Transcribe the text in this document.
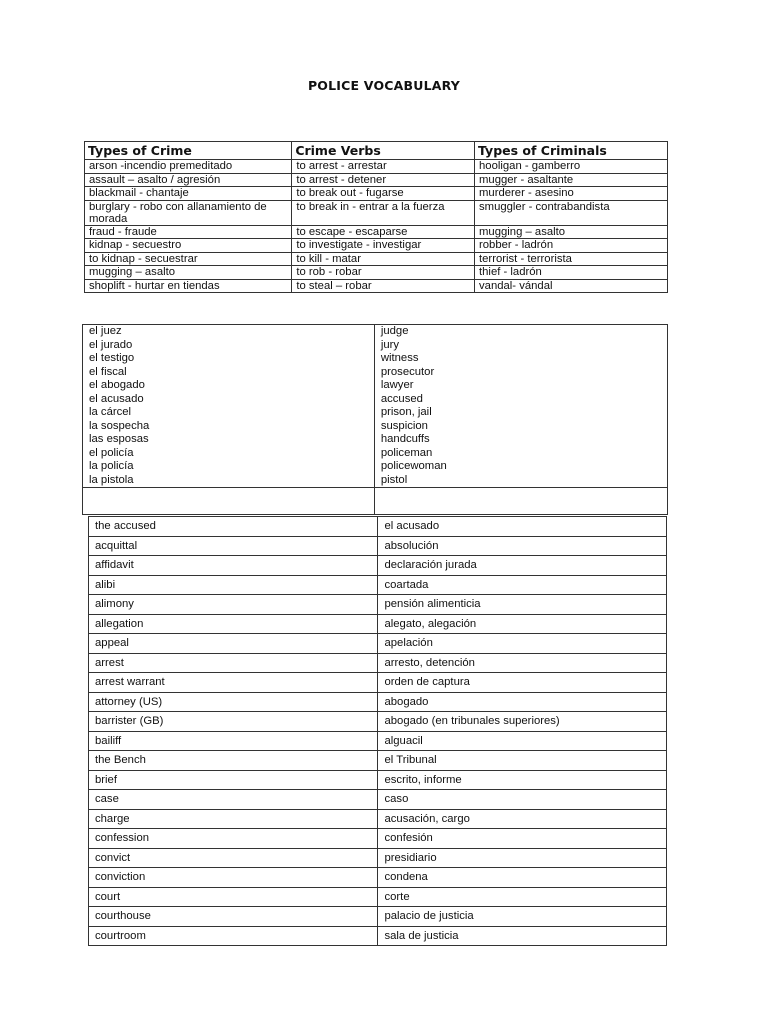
POLICE VOCABULARY
Types of Crime	Crime Verbs	Types of Criminals
arson -incendio premeditado	to arrest - arrestar	hooligan - gamberro
assault – asalto / agresión	to arrest - detener	mugger - asaltante
blackmail - chantaje	to break out - fugarse	murderer - asesino
burglary - robo con allanamiento de morada	to break in - entrar a la fuerza	smuggler - contrabandista
fraud - fraude	to escape - escaparse	mugging – asalto
kidnap - secuestro	to investigate - investigar	robber - ladrón
to kidnap - secuestrar	to kill - matar	terrorist - terrorista
mugging – asalto	to rob - robar	thief - ladrón
shoplift - hurtar en tiendas	to steal – robar	vandal- vándal
el juez	judge
el jurado	jury
el testigo	witness
el fiscal	prosecutor
el abogado	lawyer
el acusado	accused
la cárcel	prison, jail
la sospecha	suspicion
las esposas	handcuffs
el policía	policeman
la policía	policewoman
la pistola	pistol

the accused	el acusado
acquittal	absolución
affidavit	declaración jurada
alibi	coartada
alimony	pensión alimenticia
allegation	alegato, alegación
appeal	apelación
arrest	arresto, detención
arrest warrant	orden de captura
attorney (US)	abogado
barrister (GB)	abogado (en tribunales superiores)
bailiff	alguacil
the Bench	el Tribunal
brief	escrito, informe
case	caso
charge	acusación, cargo
confession	confesión
convict	presidiario
conviction	condena
court	corte
courthouse	palacio de justicia
courtroom	sala de justicia
